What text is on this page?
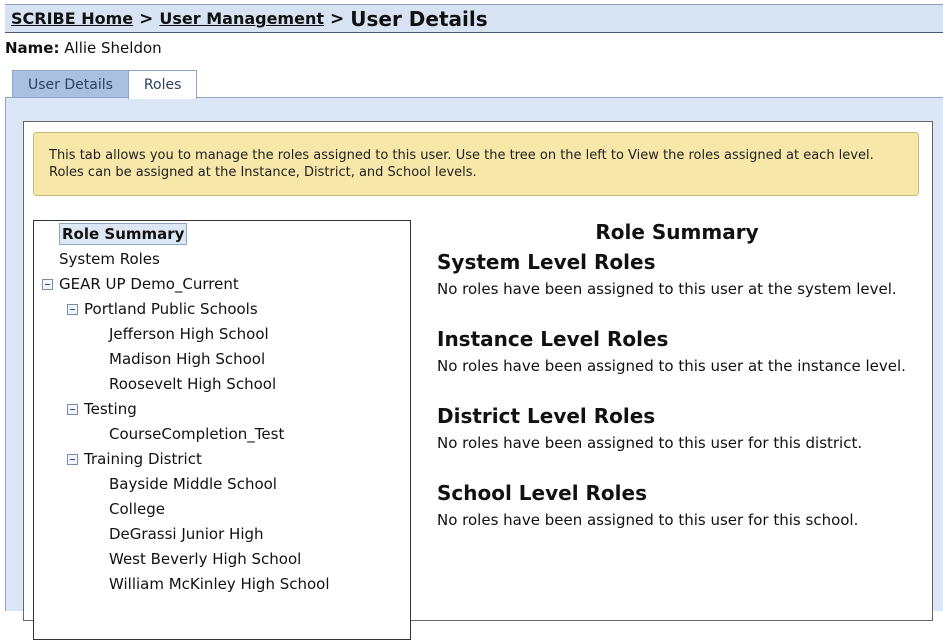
SCRIBE Home > User Management > User Details
Name: Allie Sheldon
User Details	Roles
This tab allows you to manage the roles assigned to this user. Use the tree on the left to View the roles assigned at each level. Roles can be assigned at the Instance, District, and School levels.
Role Summary
System Roles
GEAR UP Demo_Current
Portland Public Schools
Jefferson High School
Madison High School
Roosevelt High School
Testing
CourseCompletion_Test
Training District
Bayside Middle School
College
DeGrassi Junior High
West Beverly High School
William McKinley High School
Role Summary
System Level Roles
No roles have been assigned to this user at the system level.
Instance Level Roles
No roles have been assigned to this user at the instance level.
District Level Roles
No roles have been assigned to this user for this district.
School Level Roles
No roles have been assigned to this user for this school.
